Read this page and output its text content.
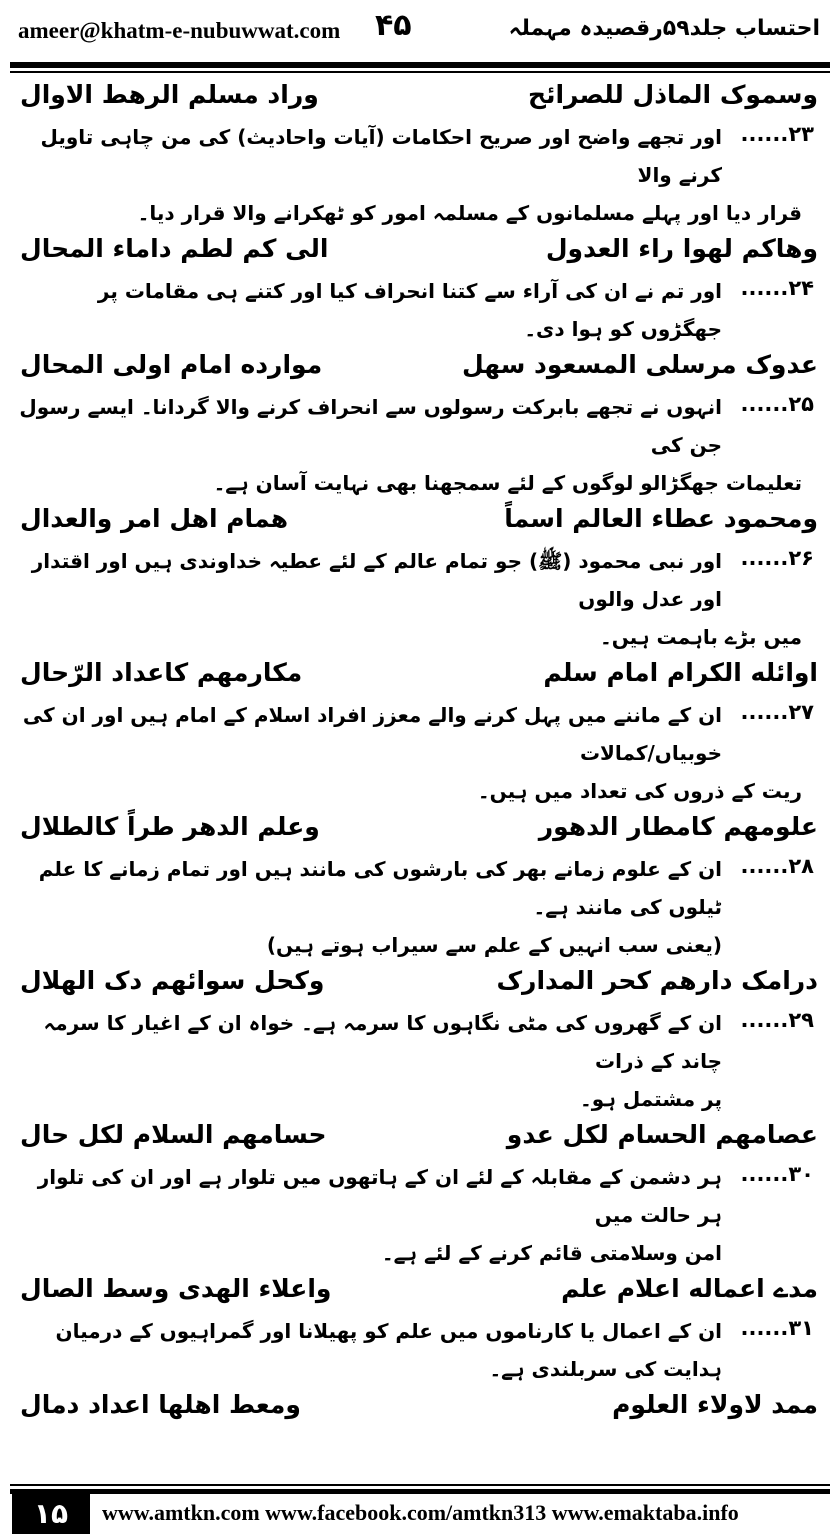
ameer@khatm-e-nubuwwat.com ۴۵	احتساب جلد۵۹رقصیدہ مہملہ
وسموک الماذل للصرائح
وراد مسلم الرھط الاوال
۲۳......
اور تجھے واضح اور صریح احکامات (آیات واحادیث) کی من چاہی تاویل کرنے والا
قرار دیا اور پہلے مسلمانوں کے مسلمہ امور کو ٹھکرانے والا قرار دیا۔
وھاکم لھوا راء العدول
الی کم لطم داماء المحال
۲۴......
اور تم نے ان کی آراء سے کتنا انحراف کیا اور کتنے ہی مقامات پر جھگڑوں کو ہوا دی۔
عدوک مرسلی المسعود سھل
موارده امام اولی المحال
۲۵......
انہوں نے تجھے بابرکت رسولوں سے انحراف کرنے والا گردانا۔ ایسے رسول جن کی
تعلیمات جھگڑالو لوگوں کے لئے سمجھنا بھی نہایت آسان ہے۔
ومحمود عطاء العالم اسماً
ھمام اھل امر والعدال
۲۶......
اور نبی محمود (ﷺ) جو تمام عالم کے لئے عطیہ خداوندی ہیں اور اقتدار اور عدل والوں
میں بڑے باہمت ہیں۔
اوائله الکرام امام سلم
مکارمھم کاعداد الرّحال
۲۷......
ان کے ماننے میں پہل کرنے والے معزز افراد اسلام کے امام ہیں اور ان کی خوبیاں/کمالات
ریت کے ذروں کی تعداد میں ہیں۔
علومھم کامطار الدھور
وعلم الدھر طراً کالطلال
۲۸......
ان کے علوم زمانے بھر کی بارشوں کی مانند ہیں اور تمام زمانے کا علم ٹیلوں کی مانند ہے۔
(یعنی سب انہیں کے علم سے سیراب ہوتے ہیں)
درامک دارھم کحر المدارک
وکحل سوائھم دک الھلال
۲۹......
ان کے گھروں کی مٹی نگاہوں کا سرمہ ہے۔ خواہ ان کے اغیار کا سرمہ چاند کے ذرات
پر مشتمل ہو۔
عصامھم الحسام لکل عدو
حسامھم السلام لکل حال
۳۰......
ہر دشمن کے مقابلہ کے لئے ان کے ہاتھوں میں تلوار ہے اور ان کی تلوار ہر حالت میں
امن وسلامتی قائم کرنے کے لئے ہے۔
مدے اعماله اعلام علم
واعلاء الھدی وسط الصال
۳۱......
ان کے اعمال یا کارناموں میں علم کو پھیلانا اور گمراہیوں کے درمیان ہدایت کی سربلندی ہے۔
ممد لاولاء العلوم
ومعط اھلھا اعداد دمال
۱۵	www.amtkn.com www.facebook.com/amtkn313 www.emaktaba.info
